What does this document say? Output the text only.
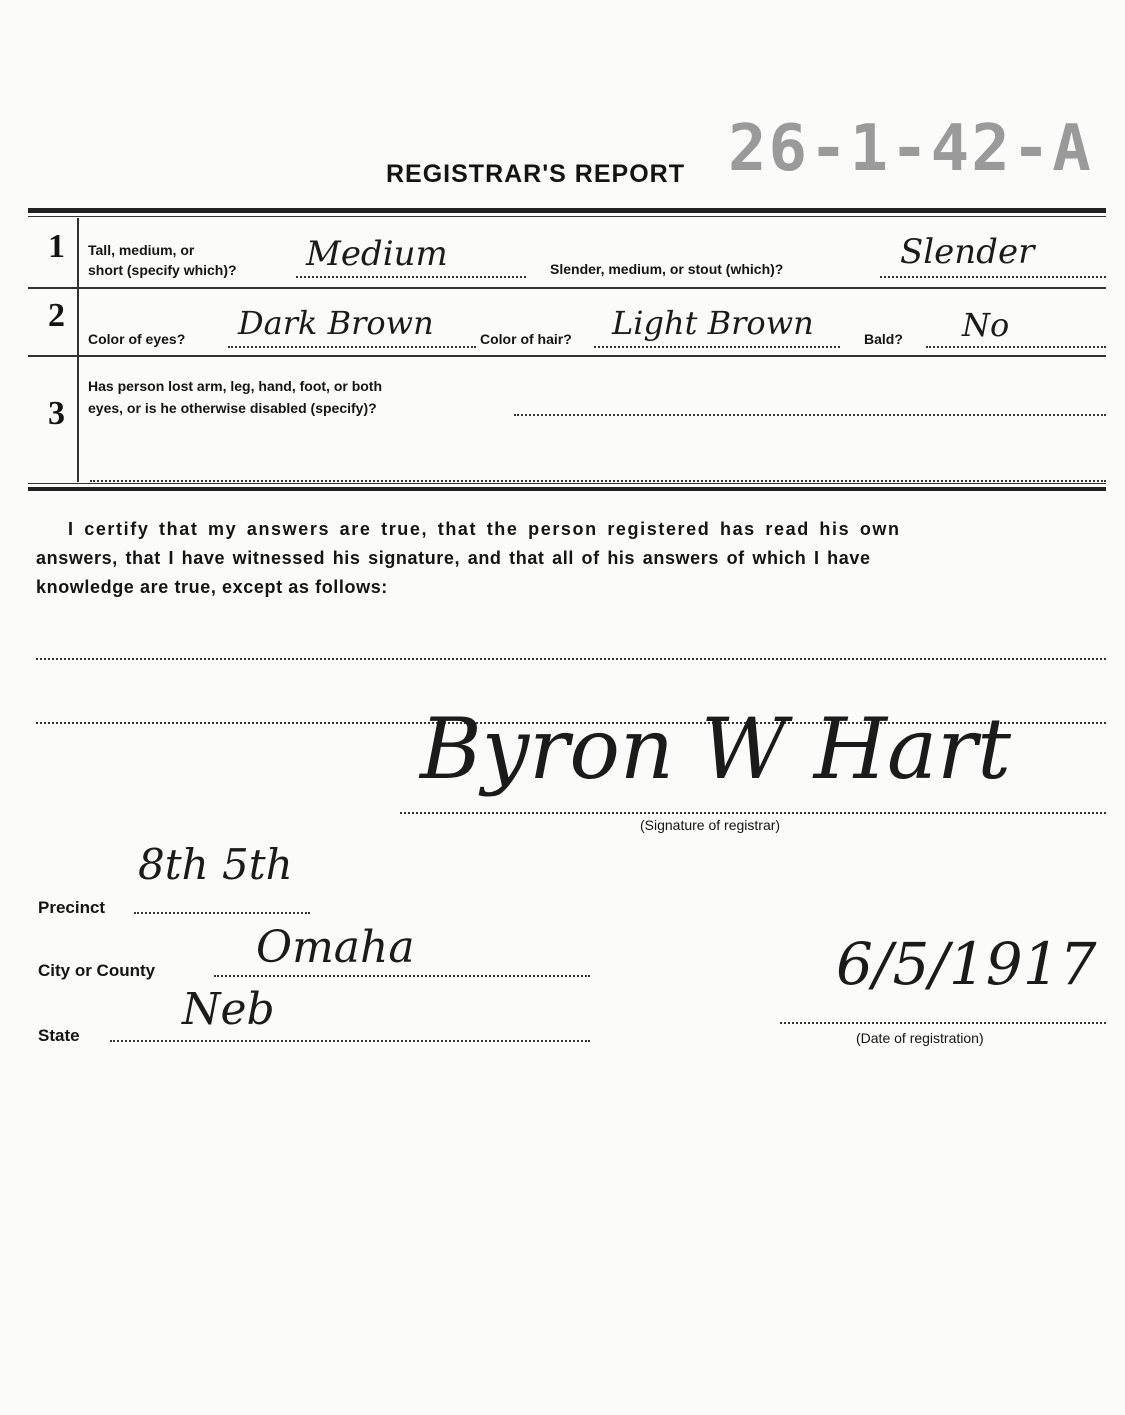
REGISTRAR'S REPORT 26-1-42-A
1 Tall, medium, or
short (specify which)? Medium	Slender, medium, or stout (which)?	Slender
2
Color of eyes? Dark Brown	Color of hair? Light Brown	Bald? No
3
Has person lost arm, leg, hand, foot, or both
eyes, or is he otherwise disabled (specify)?
I certify that my answers are true, that the person registered has read his own
answers, that I have witnessed his signature, and that all of his answers of which I have
knowledge are true, except as follows:
Byron W Hart
(Signature of registrar)
Precinct
8th 5th
City or County Omaha
State
Neb
6/5/1917
(Date of registration)
